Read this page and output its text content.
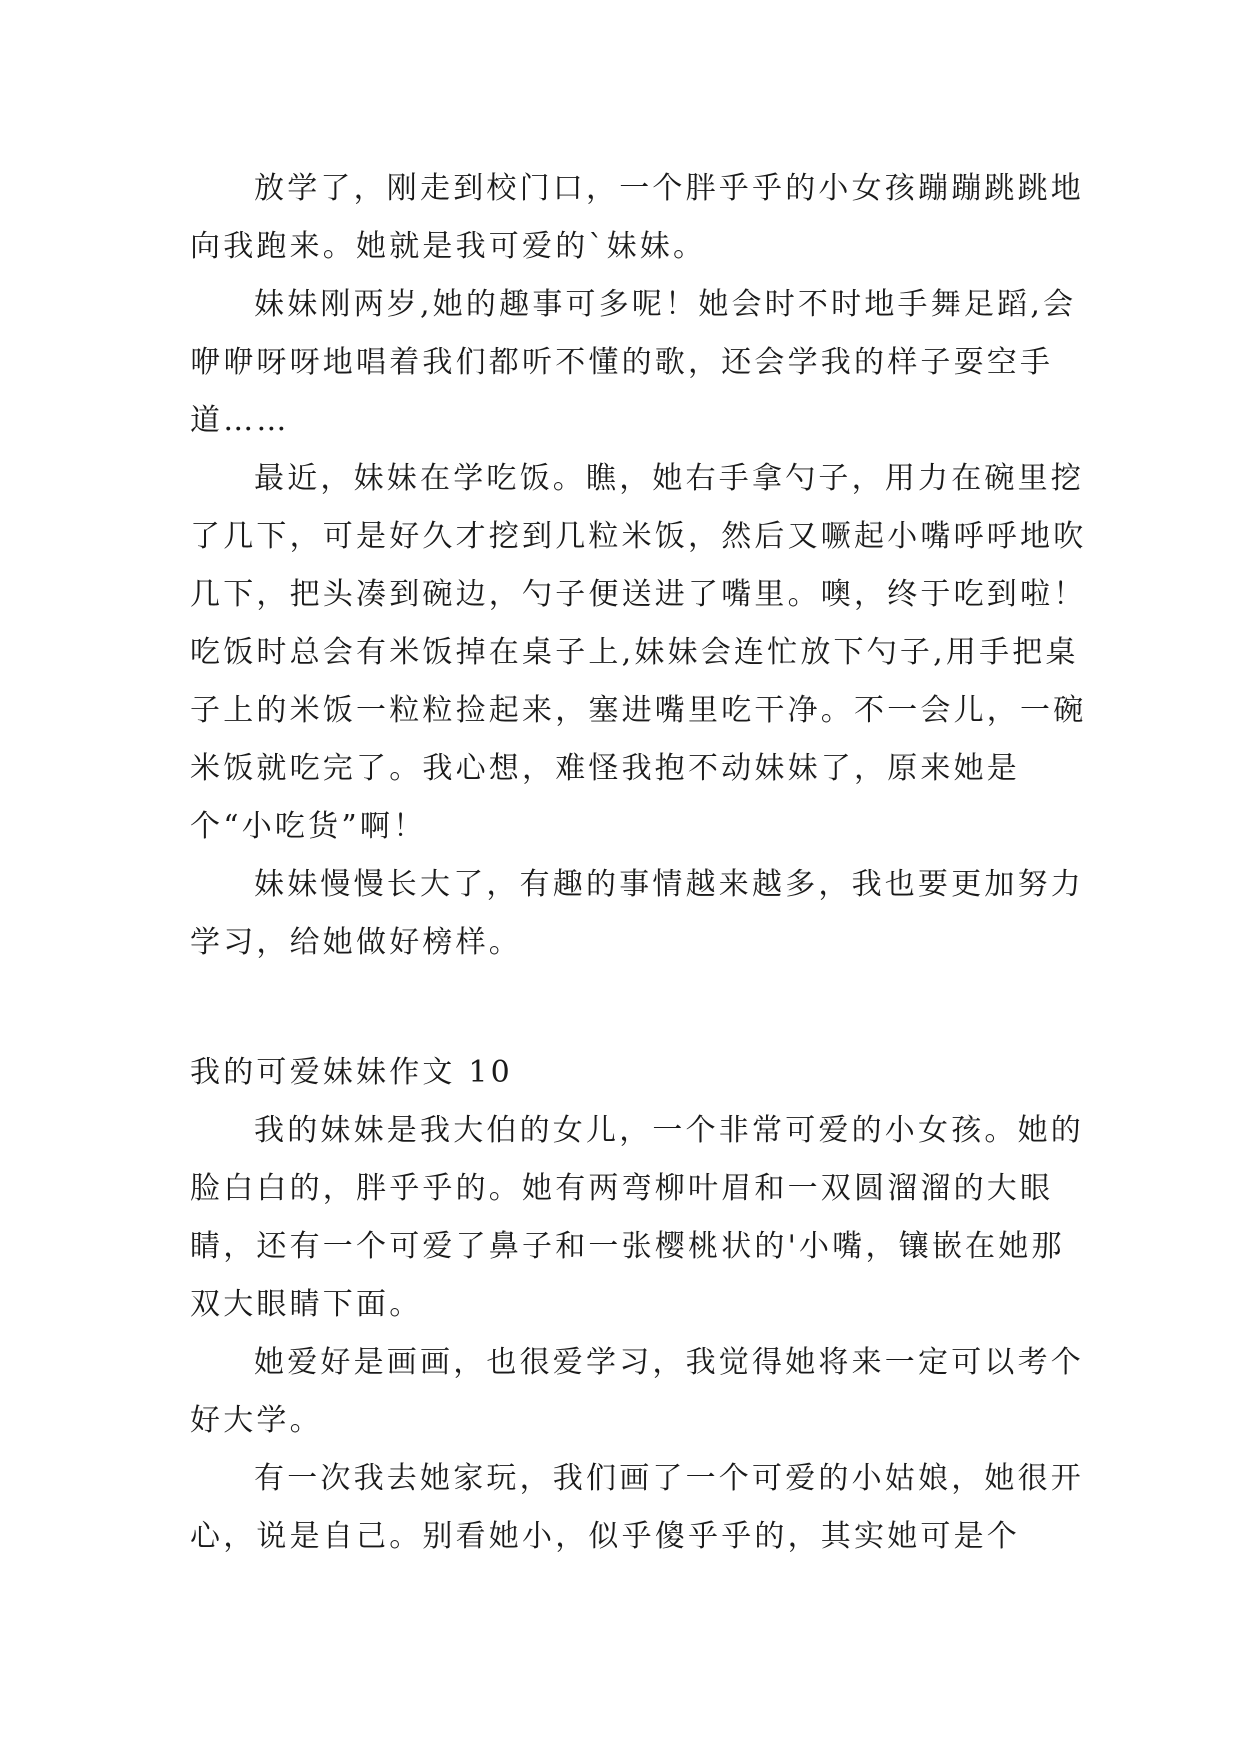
放学了，刚走到校门口，一个胖乎乎的小女孩蹦蹦跳跳地向我跑来。她就是我可爱的`妹妹。

妹妹刚两岁,她的趣事可多呢！她会时不时地手舞足蹈,会咿咿呀呀地唱着我们都听不懂的歌，还会学我的样子耍空手道……

最近，妹妹在学吃饭。瞧，她右手拿勺子，用力在碗里挖了几下，可是好久才挖到几粒米饭，然后又噘起小嘴呼呼地吹几下，把头凑到碗边，勺子便送进了嘴里。噢，终于吃到啦！吃饭时总会有米饭掉在桌子上,妹妹会连忙放下勺子,用手把桌子上的米饭一粒粒捡起来，塞进嘴里吃干净。不一会儿，一碗米饭就吃完了。我心想，难怪我抱不动妹妹了，原来她是个“小吃货”啊！

妹妹慢慢长大了，有趣的事情越来越多，我也要更加努力学习，给她做好榜样。

我的可爱妹妹作文 10

我的妹妹是我大伯的女儿，一个非常可爱的小女孩。她的脸白白的，胖乎乎的。她有两弯柳叶眉和一双圆溜溜的大眼睛，还有一个可爱了鼻子和一张樱桃状的'小嘴，镶嵌在她那双大眼睛下面。

她爱好是画画，也很爱学习，我觉得她将来一定可以考个好大学。

有一次我去她家玩，我们画了一个可爱的小姑娘，她很开心，说是自己。别看她小，似乎傻乎乎的，其实她可是个
